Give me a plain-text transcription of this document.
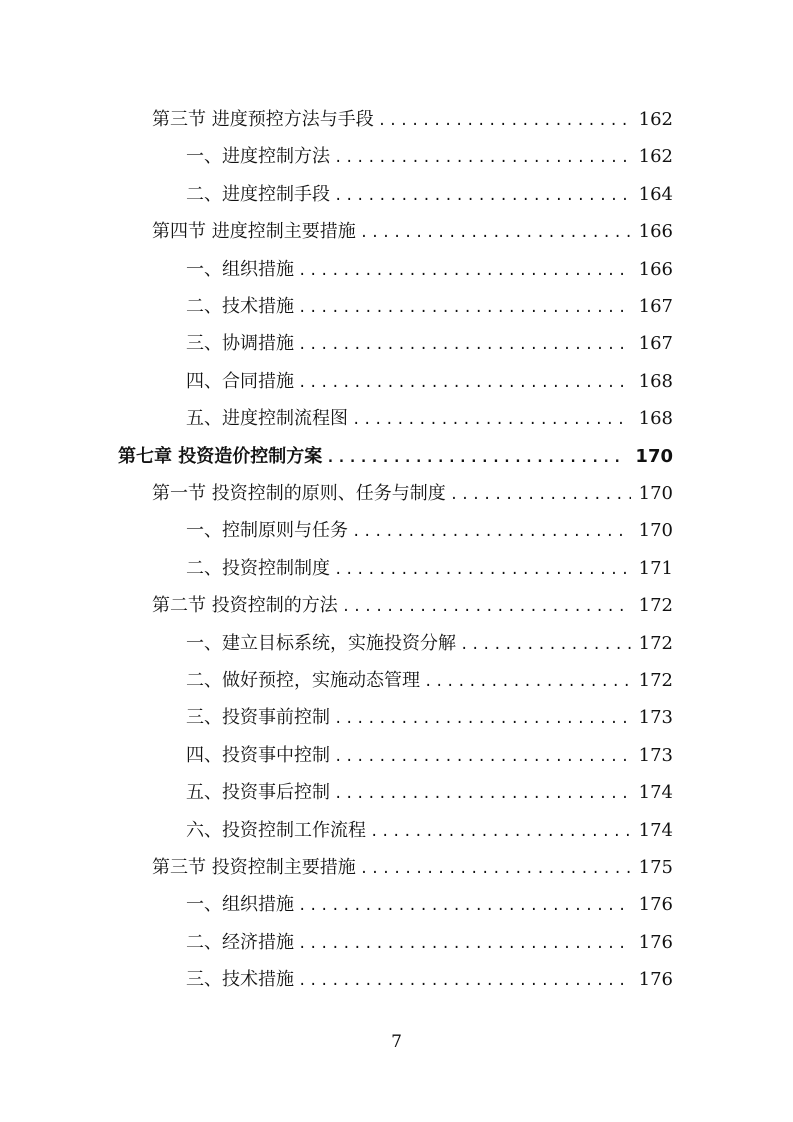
第三节 进度预控方法与手段 .....	162
一、进度控制方法 .....	162
二、进度控制手段 .....	164
第四节 进度控制主要措施 .....	166
一、组织措施 .....	166
二、技术措施 .....	167
三、协调措施 .....	167
四、合同措施 .....	168
五、进度控制流程图 .....	168
第七章 投资造价控制方案 .....	170
第一节 投资控制的原则、任务与制度 .....	170
一、控制原则与任务 .....	170
二、投资控制制度 .....	171
第二节 投资控制的方法 .....	172
一、建立目标系统，实施投资分解 .....	172
二、做好预控，实施动态管理 .....	172
三、投资事前控制 .....	173
四、投资事中控制 .....	173
五、投资事后控制 .....	174
六、投资控制工作流程 .....	174
第三节 投资控制主要措施 .....	175
一、组织措施 .....	176
二、经济措施 .....	176
三、技术措施 .....	176
7
